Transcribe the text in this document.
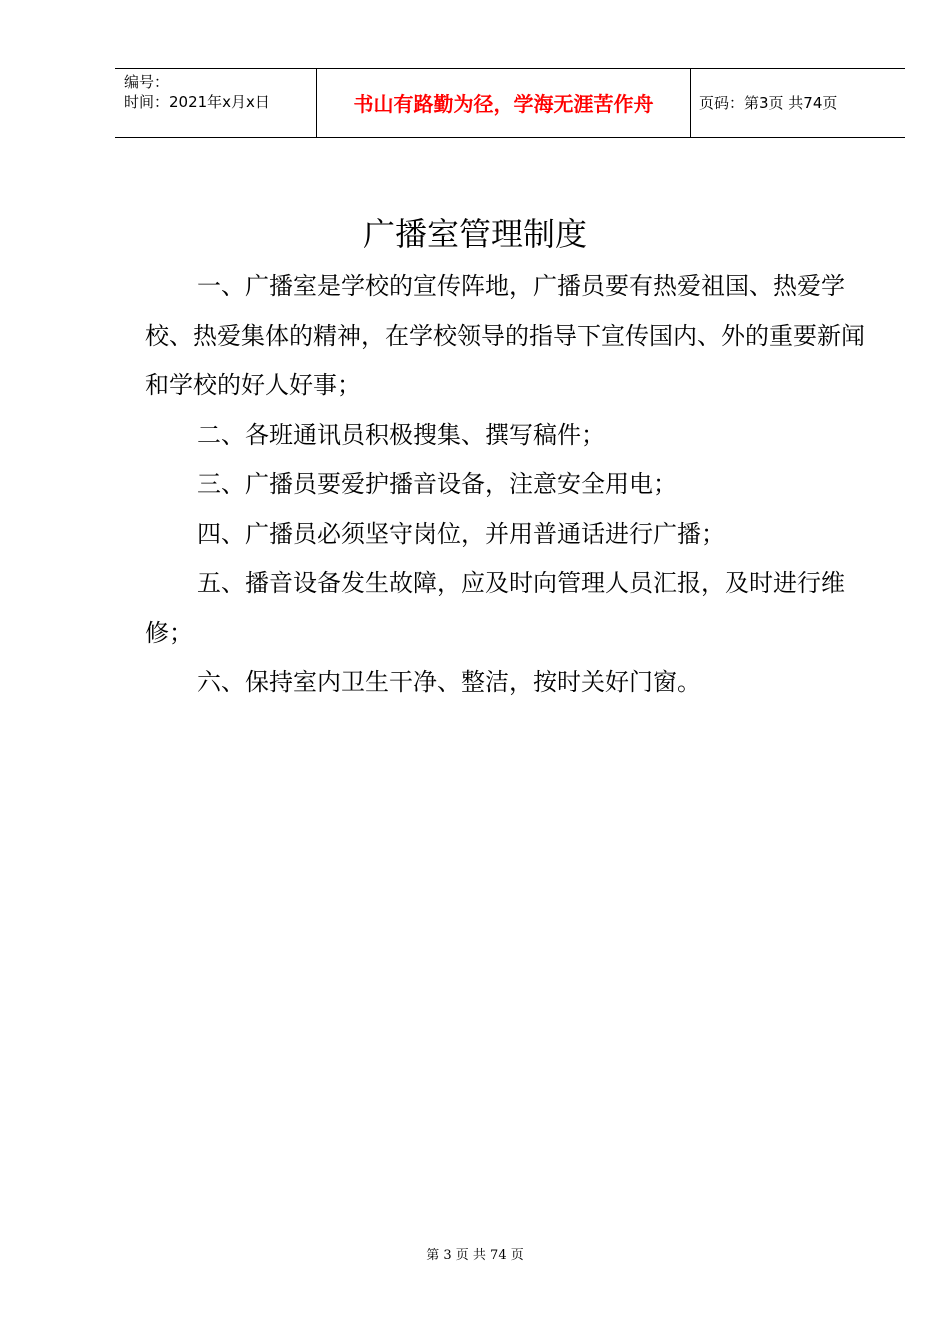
编号：
时间：2021年x月x日	书山有路勤为径，学海无涯苦作舟	页码：第3页 共74页
广播室管理制度

一、广播室是学校的宣传阵地，广播员要有热爱祖国、热爱学校、热爱集体的精神，在学校领导的指导下宣传国内、外的重要新闻和学校的好人好事；

二、各班通讯员积极搜集、撰写稿件；

三、广播员要爱护播音设备，注意安全用电；

四、广播员必须坚守岗位，并用普通话进行广播；

五、播音设备发生故障，应及时向管理人员汇报，及时进行维修；

六、保持室内卫生干净、整洁，按时关好门窗。

第 3 页 共 74 页
